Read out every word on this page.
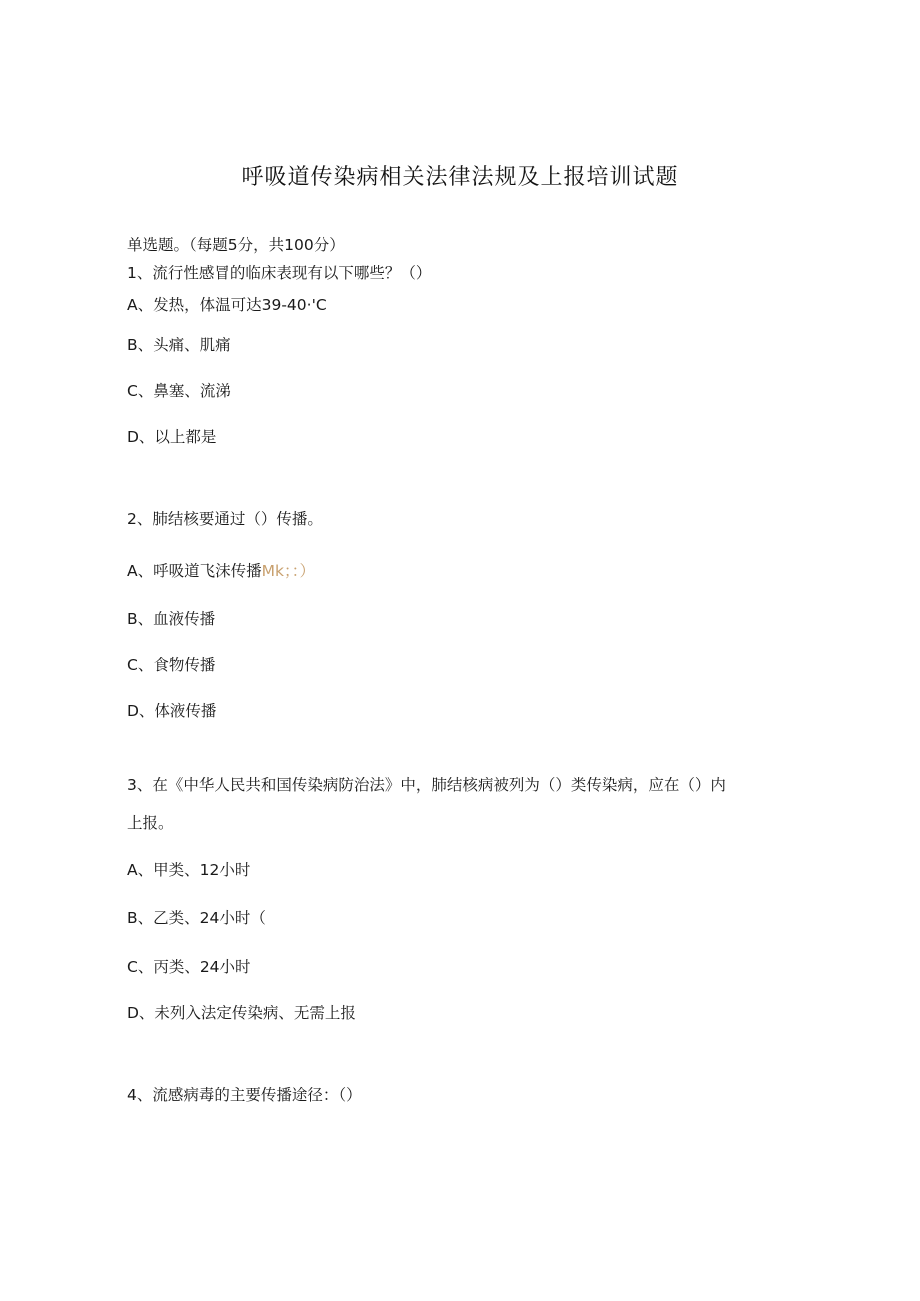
呼吸道传染病相关法律法规及上报培训试题
单选题。（每题5分，共100分）
1、流行性感冒的临床表现有以下哪些？（）
A、发热，体温可达39-40·'C
B、头痛、肌痛
C、鼻塞、流涕
D、以上都是
2、肺结核要通过（）传播。
A、呼吸道飞沫传播Mk；：）
B、血液传播
C、食物传播
D、体液传播
3、在《中华人民共和国传染病防治法》中，肺结核病被列为（）类传染病，应在（）内
上报。
A、甲类、12小时
B、乙类、24小时（
C、丙类、24小时
D、未列入法定传染病、无需上报
4、流感病毒的主要传播途径：（）
